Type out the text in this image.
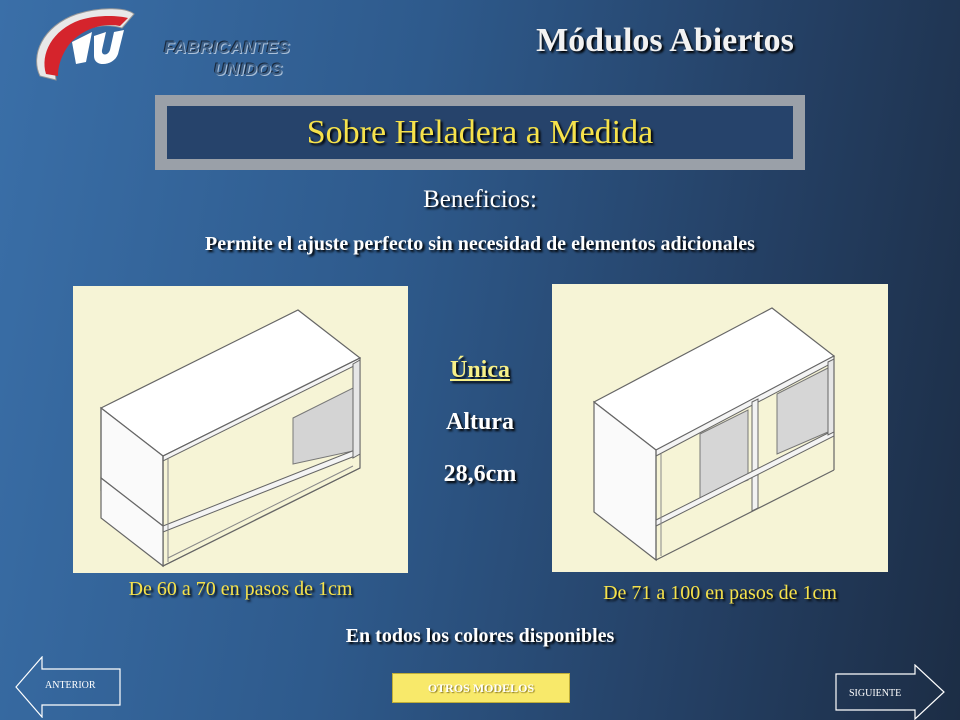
FABRICANTES
UNIDOS
Módulos Abiertos
Sobre Heladera a Medida
Beneficios:
Permite el ajuste perfecto sin necesidad de elementos adicionales
Única
Altura
28,6cm
De 60 a 70 en pasos de 1cm	De 71 a 100 en pasos de 1cm
En todos los colores disponibles
ANTERIOR	OTROS MODELOS	SIGUIENTE
